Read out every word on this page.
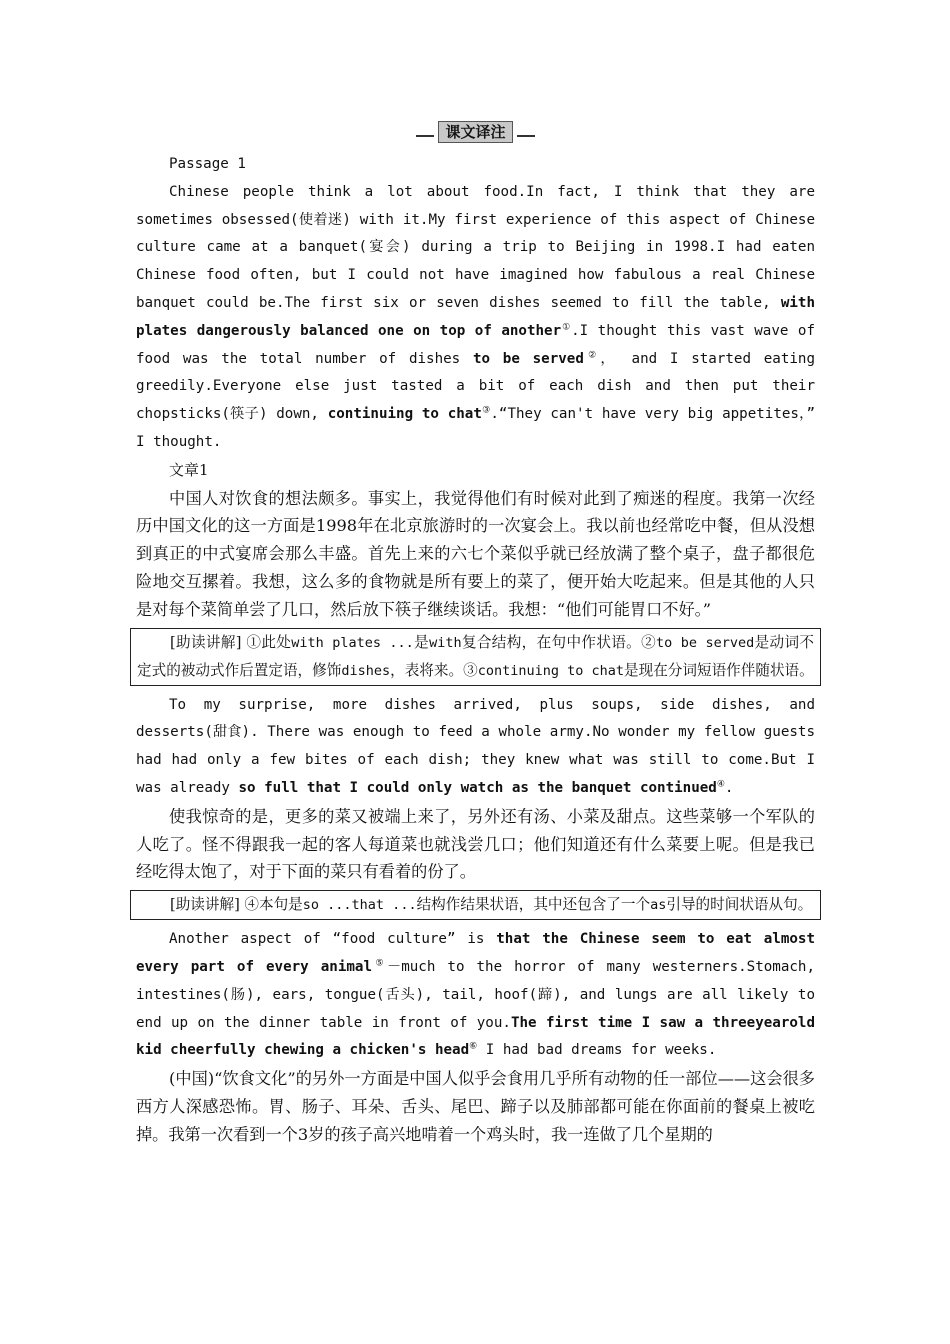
课文译注

Passage 1

Chinese people think a lot about food.In fact, I think that they are sometimes obsessed(使着迷) with it.My first experience of this aspect of Chinese culture came at a banquet(宴会) during a trip to Beijing in 1998.I had eaten Chinese food often, but I could not have imagined how fabulous a real Chinese banquet could be.The first six or seven dishes seemed to fill the table, with plates dangerously balanced one on top of another①.I thought this vast wave of food was the total number of dishes to be served②， and I started eating greedily.Everyone else just tasted a bit of each dish and then put their chopsticks(筷子) down, continuing to chat③.“They can't have very big appetites，” I thought.

文章1

中国人对饮食的想法颇多。事实上，我觉得他们有时候对此到了痴迷的程度。我第一次经历中国文化的这一方面是1998年在北京旅游时的一次宴会上。我以前也经常吃中餐，但从没想到真正的中式宴席会那么丰盛。首先上来的六七个菜似乎就已经放满了整个桌子，盘子都很危险地交互摞着。我想，这么多的食物就是所有要上的菜了，便开始大吃起来。但是其他的人只是对每个菜简单尝了几口，然后放下筷子继续谈话。我想：“他们可能胃口不好。”

[助读讲解] ①此处with plates ...是with复合结构，在句中作状语。②to be served是动词不定式的被动式作后置定语，修饰dishes，表将来。③continuing to chat是现在分词短语作伴随状语。

To my surprise, more dishes arrived, plus soups, side dishes, and desserts(甜食). There was enough to feed a whole army.No wonder my fellow guests had had only a few bites of each dish; they knew what was still to come.But I was already so full that I could only watch as the banquet continued④.

使我惊奇的是，更多的菜又被端上来了，另外还有汤、小菜及甜点。这些菜够一个军队的人吃了。怪不得跟我一起的客人每道菜也就浅尝几口；他们知道还有什么菜要上呢。但是我已经吃得太饱了，对于下面的菜只有看着的份了。

[助读讲解] ④本句是so ...that ...结构作结果状语，其中还包含了一个as引导的时间状语从句。

Another aspect of “food culture” is that the Chinese seem to eat almost every part of every animal⑤－much to the horror of many westerners.Stomach, intestines(肠), ears, tongue(舌头), tail, hoof(蹄), and lungs are all likely to end up on the dinner table in front of you.The first time I saw a threeyearold kid cheerfully chewing a chicken's head⑥ I had bad dreams for weeks.

(中国)“饮食文化”的另外一方面是中国人似乎会食用几乎所有动物的任一部位——这会很多西方人深感恐怖。胃、肠子、耳朵、舌头、尾巴、蹄子以及肺部都可能在你面前的餐桌上被吃掉。我第一次看到一个3岁的孩子高兴地啃着一个鸡头时，我一连做了几个星期的
